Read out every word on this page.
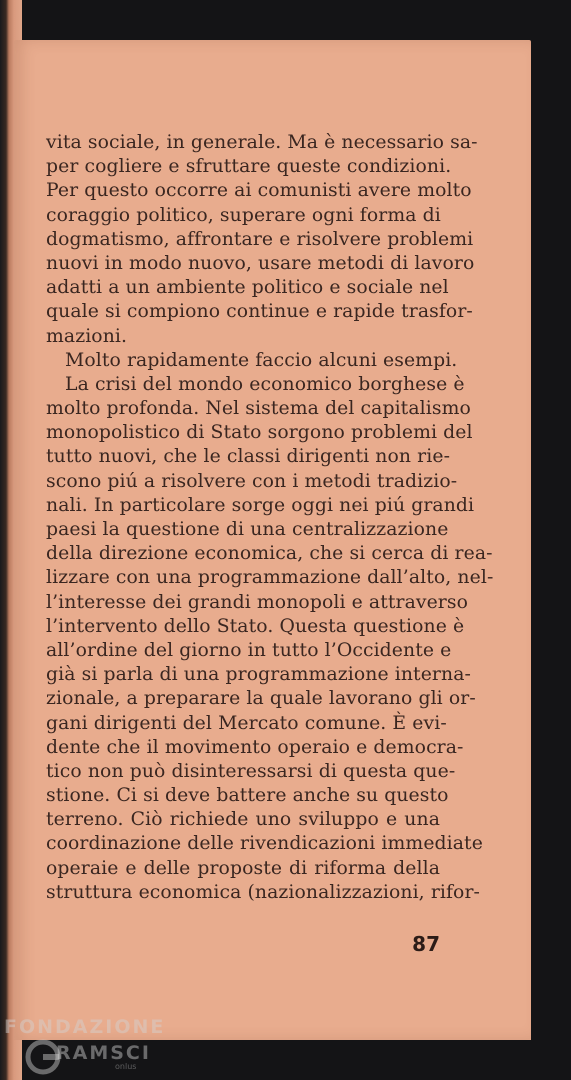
vita sociale, in generale. Ma è necessario sa-
per cogliere e sfruttare queste condizioni.
Per questo occorre ai comunisti avere molto
coraggio politico, superare ogni forma di
dogmatismo, affrontare e risolvere problemi
nuovi in modo nuovo, usare metodi di lavoro
adatti a un ambiente politico e sociale nel
quale si compiono continue e rapide trasfor-
mazioni.
Molto rapidamente faccio alcuni esempi.
La crisi del mondo economico borghese è
molto profonda. Nel sistema del capitalismo
monopolistico di Stato sorgono problemi del
tutto nuovi, che le classi dirigenti non rie-
scono piú a risolvere con i metodi tradizio-
nali. In particolare sorge oggi nei piú grandi
paesi la questione di una centralizzazione
della direzione economica, che si cerca di rea-
lizzare con una programmazione dall’alto, nel-
l’interesse dei grandi monopoli e attraverso
l’intervento dello Stato. Questa questione è
all’ordine del giorno in tutto l’Occidente e
già si parla di una programmazione interna-
zionale, a preparare la quale lavorano gli or-
gani dirigenti del Mercato comune. È evi-
dente che il movimento operaio e democra-
tico non può disinteressarsi di questa que-
stione. Ci si deve battere anche su questo
terreno. Ciò richiede uno sviluppo e una
coordinazione delle rivendicazioni immediate
operaie e delle proposte di riforma della
struttura economica (nazionalizzazioni, rifor-
87
FONDAZIONE
RAMSCI
onlus
